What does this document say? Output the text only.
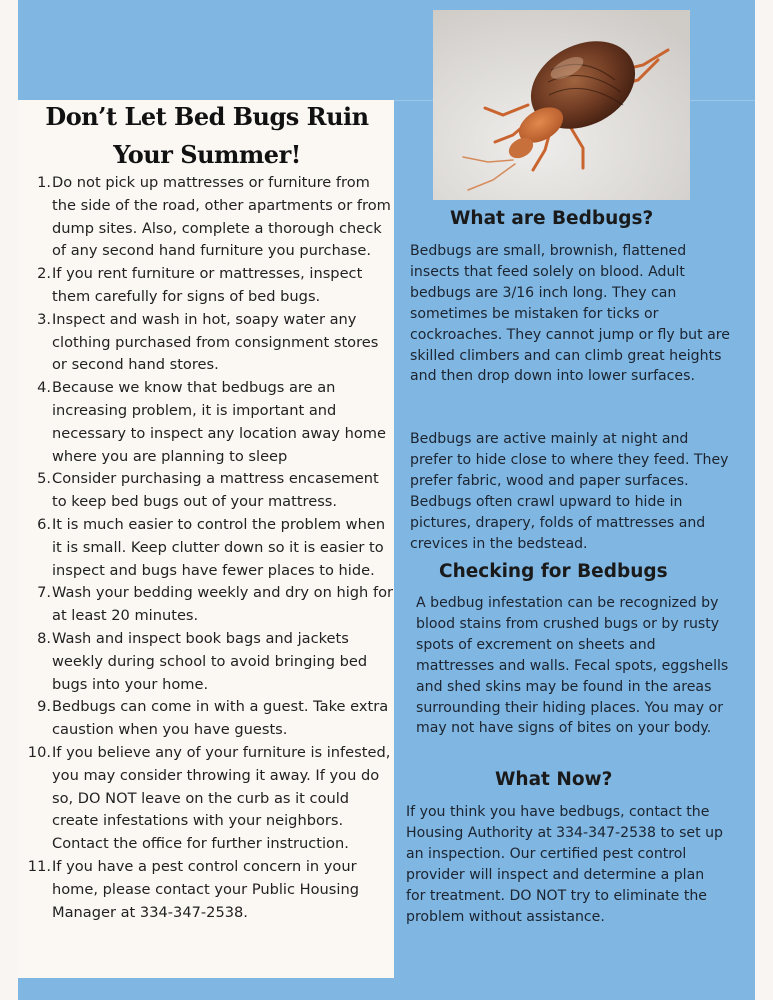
Don’t Let Bed Bugs Ruin Your Summer!
1. Do not pick up mattresses or furniture from the side of the road, other apartments or from dump sites. Also, complete a thorough check of any second hand furniture you purchase.
2. If you rent furniture or mattresses, inspect them carefully for signs of bed bugs.
3. Inspect and wash in hot, soapy water any clothing purchased from consignment stores or second hand stores.
4. Because we know that bedbugs are an increasing problem, it is important and necessary to inspect any location away home where you are planning to sleep
5. Consider purchasing a mattress encasement to keep bed bugs out of your mattress.
6. It is much easier to control the problem when it is small. Keep clutter down so it is easier to inspect and bugs have fewer places to hide.
7. Wash your bedding weekly and dry on high for at least 20 minutes.
8. Wash and inspect book bags and jackets weekly during school to avoid bringing bed bugs into your home.
9. Bedbugs can come in with a guest. Take extra caustion when you have guests.
10. If you believe any of your furniture is infested, you may consider throwing it away. If you do so, DO NOT leave on the curb as it could create infestations with your neighbors. Contact the office for further instruction.
11. If you have a pest control concern in your home, please contact your Public Housing Manager at 334-347-2538.
What are Bedbugs?

Bedbugs are small, brownish, flattened insects that feed solely on blood. Adult bedbugs are 3/16 inch long. They can sometimes be mistaken for ticks or cockroaches. They cannot jump or fly but are skilled climbers and can climb great heights and then drop down into lower surfaces.

Bedbugs are active mainly at night and prefer to hide close to where they feed. They prefer fabric, wood and paper surfaces. Bedbugs often crawl upward to hide in pictures, drapery, folds of mattresses and crevices in the bedstead.

Checking for Bedbugs

A bedbug infestation can be recognized by blood stains from crushed bugs or by rusty spots of excrement on sheets and mattresses and walls. Fecal spots, eggshells and shed skins may be found in the areas surrounding their hiding places. You may or may not have signs of bites on your body.

What Now?

If you think you have bedbugs, contact the Housing Authority at 334-347-2538 to set up an inspection. Our certified pest control provider will inspect and determine a plan for treatment. DO NOT try to eliminate the problem without assistance.
